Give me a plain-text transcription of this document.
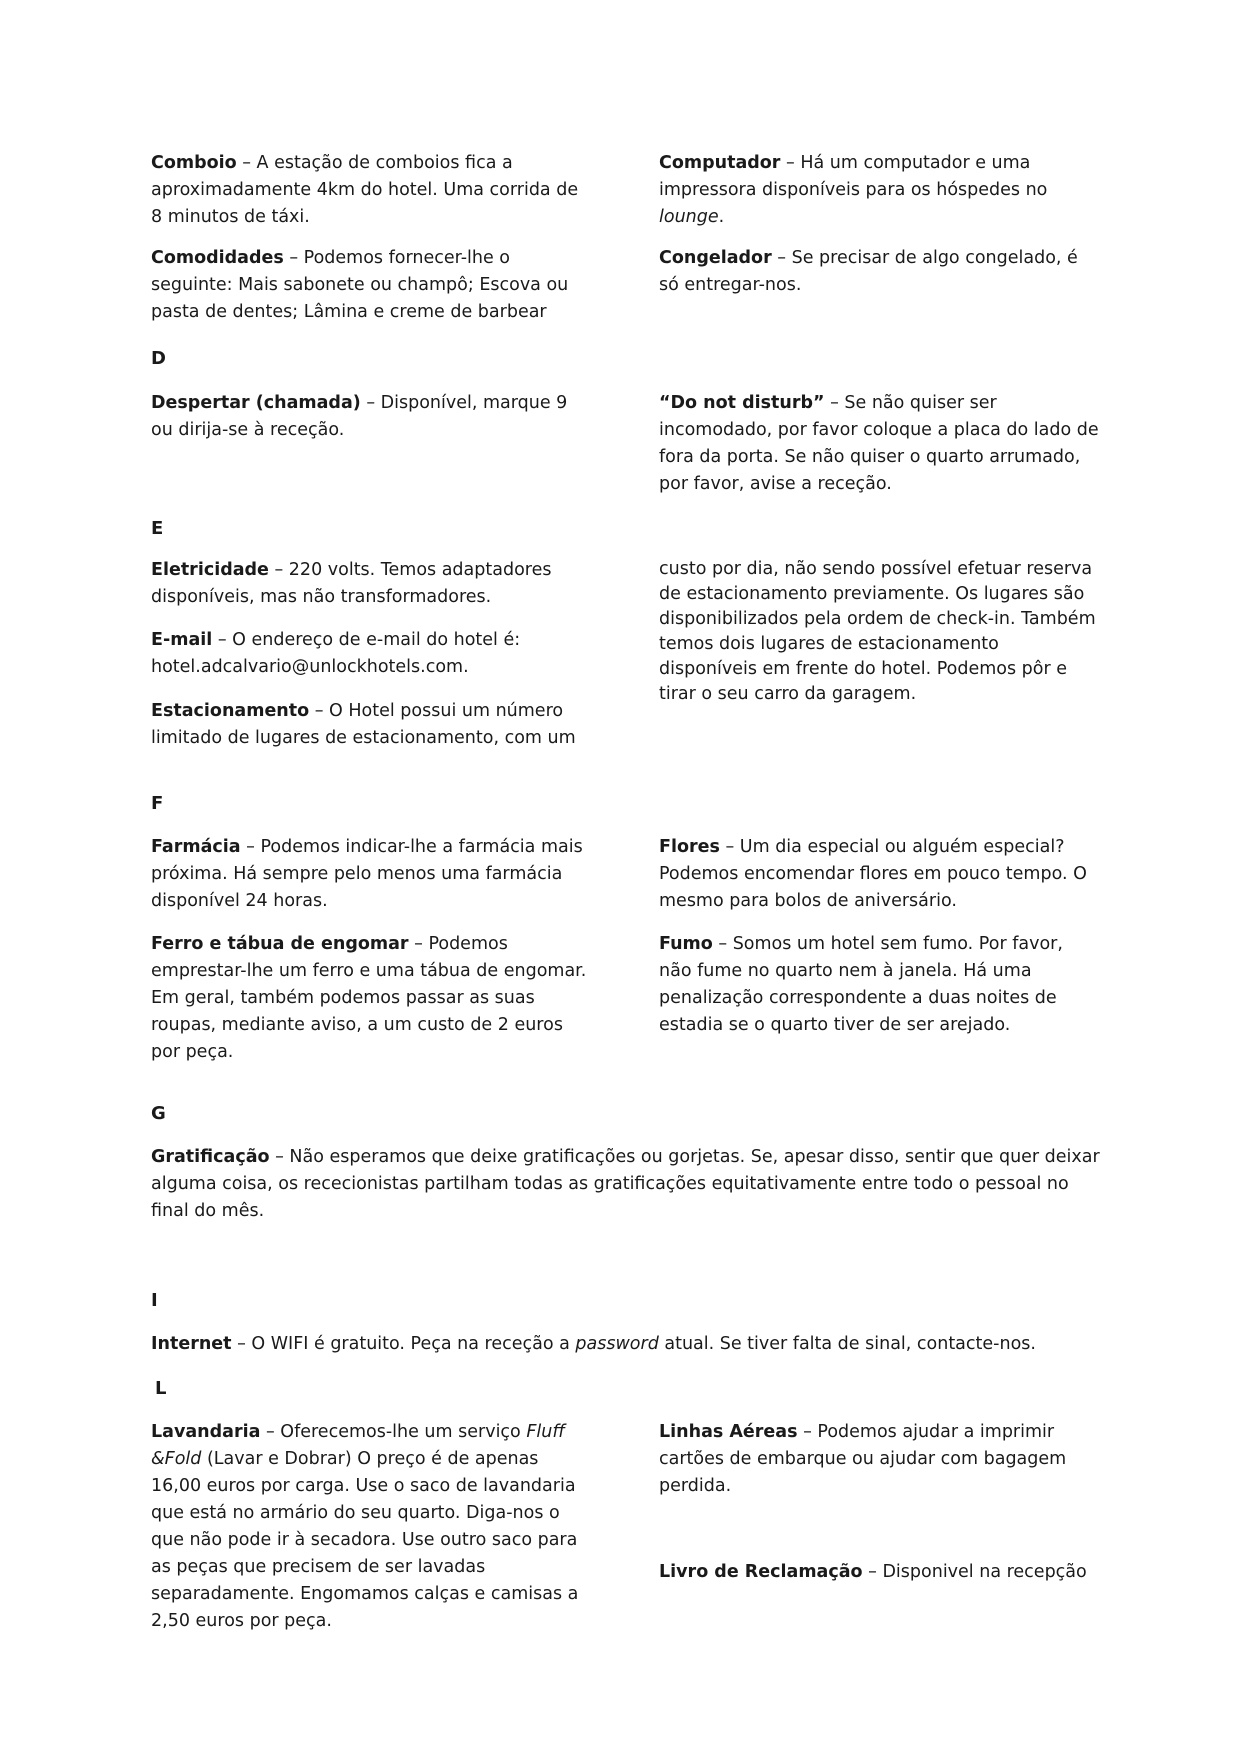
Comboio – A estação de comboios fica a aproximadamente 4km do hotel. Uma corrida de 8 minutos de táxi.

Computador – Há um computador e uma impressora disponíveis para os hóspedes no lounge.

Comodidades – Podemos fornecer-lhe o seguinte: Mais sabonete ou champô; Escova ou pasta de dentes; Lâmina e creme de barbear

Congelador – Se precisar de algo congelado, é só entregar-nos.

D

Despertar (chamada) – Disponível, marque 9 ou dirija-se à receção.

“Do not disturb” – Se não quiser ser incomodado, por favor coloque a placa do lado de fora da porta. Se não quiser o quarto arrumado, por favor, avise a receção.

E

Eletricidade – 220 volts. Temos adaptadores disponíveis, mas não transformadores.

E-mail – O endereço de e-mail do hotel é: hotel.adcalvario@unlockhotels.com.

Estacionamento – O Hotel possui um número limitado de lugares de estacionamento, com um

custo por dia, não sendo possível efetuar reserva de estacionamento previamente. Os lugares são disponibilizados pela ordem de check-in. Também temos dois lugares de estacionamento disponíveis em frente do hotel. Podemos pôr e tirar o seu carro da garagem.

F

Farmácia – Podemos indicar-lhe a farmácia mais próxima. Há sempre pelo menos uma farmácia disponível 24 horas.

Flores – Um dia especial ou alguém especial? Podemos encomendar flores em pouco tempo. O mesmo para bolos de aniversário.

Ferro e tábua de engomar – Podemos emprestar-lhe um ferro e uma tábua de engomar. Em geral, também podemos passar as suas roupas, mediante aviso, a um custo de 2 euros por peça.

Fumo – Somos um hotel sem fumo. Por favor, não fume no quarto nem à janela. Há uma penalização correspondente a duas noites de estadia se o quarto tiver de ser arejado.

G

Gratificação – Não esperamos que deixe gratificações ou gorjetas. Se, apesar disso, sentir que quer deixar alguma coisa, os rececionistas partilham todas as gratificações equitativamente entre todo o pessoal no final do mês.

I

Internet – O WIFI é gratuito. Peça na receção a password atual. Se tiver falta de sinal, contacte-nos.

L

Lavandaria – Oferecemos-lhe um serviço Fluff &Fold (Lavar e Dobrar) O preço é de apenas 16,00 euros por carga. Use o saco de lavandaria que está no armário do seu quarto. Diga-nos o que não pode ir à secadora. Use outro saco para as peças que precisem de ser lavadas separadamente. Engomamos calças e camisas a 2,50 euros por peça.

Linhas Aéreas – Podemos ajudar a imprimir cartões de embarque ou ajudar com bagagem perdida.

Livro de Reclamação – Disponivel na recepção
